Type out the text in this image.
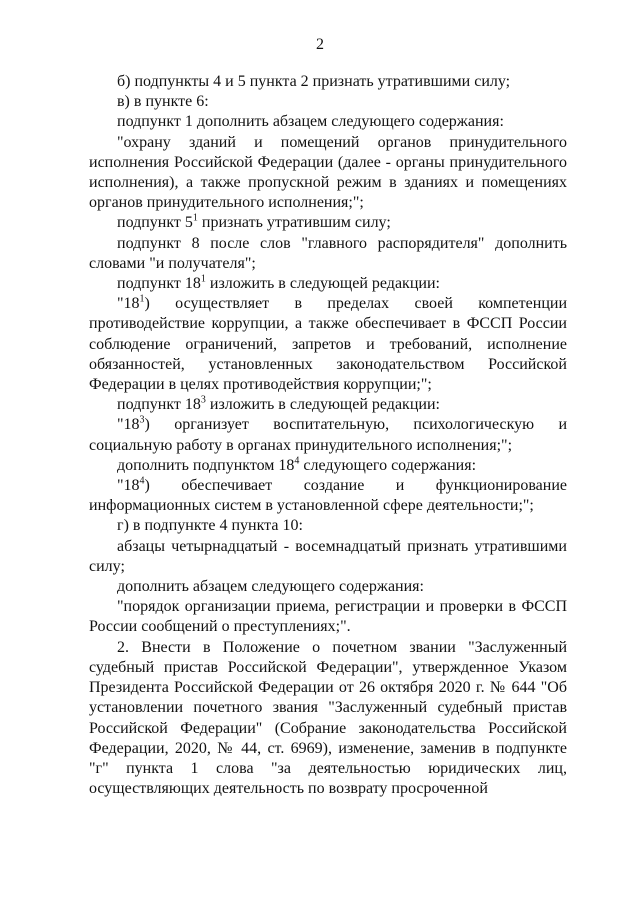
2

б) подпункты 4 и 5 пункта 2 признать утратившими силу;

в) в пункте 6:

подпункт 1 дополнить абзацем следующего содержания:

"охрану зданий и помещений органов принудительного исполнения Российской Федерации (далее - органы принудительного исполнения), а также пропускной режим в зданиях и помещениях органов принудительного исполнения;";

подпункт $5^1$ признать утратившим силу;

подпункт 8 после слов "главного распорядителя" дополнить словами "и получателя";

подпункт $18^1$ изложить в следующей редакции:

"$18^1$) осуществляет в пределах своей компетенции противодействие коррупции, а также обеспечивает в ФССП России соблюдение ограничений, запретов и требований, исполнение обязанностей, установленных законодательством Российской Федерации в целях противодействия коррупции;";

подпункт $18^3$ изложить в следующей редакции:

"$18^3$) организует воспитательную, психологическую и социальную работу в органах принудительного исполнения;";

дополнить подпунктом $18^4$ следующего содержания:

"$18^4$) обеспечивает создание и функционирование информационных систем в установленной сфере деятельности;";

г) в подпункте 4 пункта 10:

абзацы четырнадцатый - восемнадцатый признать утратившими силу;

дополнить абзацем следующего содержания:

"порядок организации приема, регистрации и проверки в ФССП России сообщений о преступлениях;".

2. Внести в Положение о почетном звании "Заслуженный судебный пристав Российской Федерации", утвержденное Указом Президента Российской Федерации от 26 октября 2020 г. № 644 "Об установлении почетного звания "Заслуженный судебный пристав Российской Федерации" (Собрание законодательства Российской Федерации, 2020, № 44, ст. 6969), изменение, заменив в подпункте "г" пункта 1 слова "за деятельностью юридических лиц, осуществляющих деятельность по возврату просроченной
